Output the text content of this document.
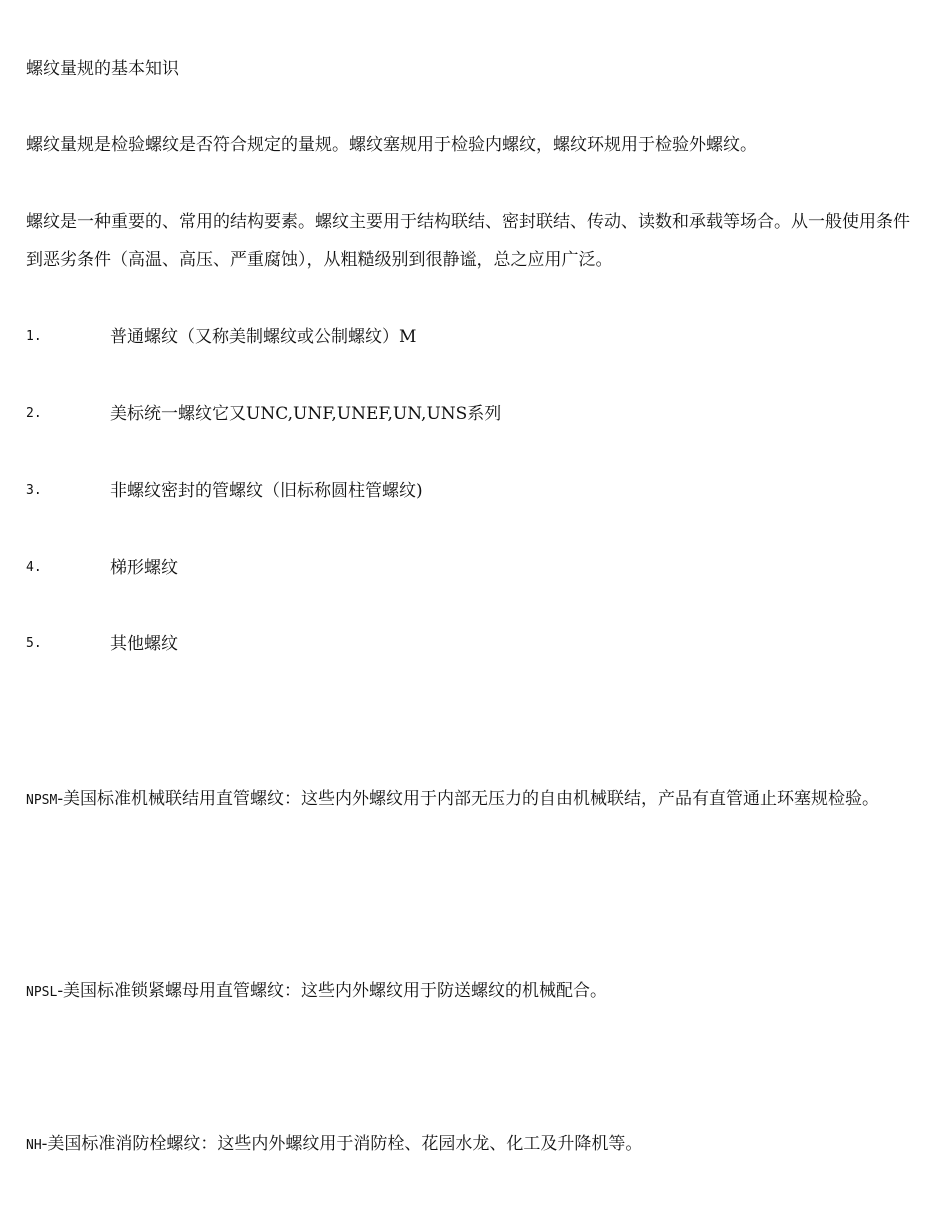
螺纹量规的基本知识

螺纹量规是检验螺纹是否符合规定的量规。螺纹塞规用于检验内螺纹，螺纹环规用于检验外螺纹。

螺纹是一种重要的、常用的结构要素。螺纹主要用于结构联结、密封联结、传动、读数和承载等场合。从一般使用条件到恶劣条件（高温、高压、严重腐蚀），从粗糙级别到很静谧，总之应用广泛。

1.	普通螺纹（又称美制螺纹或公制螺纹）M
2.	美标统一螺纹它又UNC,UNF,UNEF,UN,UNS系列
3.	非螺纹密封的管螺纹（旧标称圆柱管螺纹)
4.	梯形螺纹
5.	其他螺纹

NPSM-美国标准机械联结用直管螺纹：这些内外螺纹用于内部无压力的自由机械联结，产品有直管通止环塞规检验。

NPSL-美国标准锁紧螺母用直管螺纹：这些内外螺纹用于防送螺纹的机械配合。

NH-美国标准消防栓螺纹：这些内外螺纹用于消防栓、花园水龙、化工及升降机等。
